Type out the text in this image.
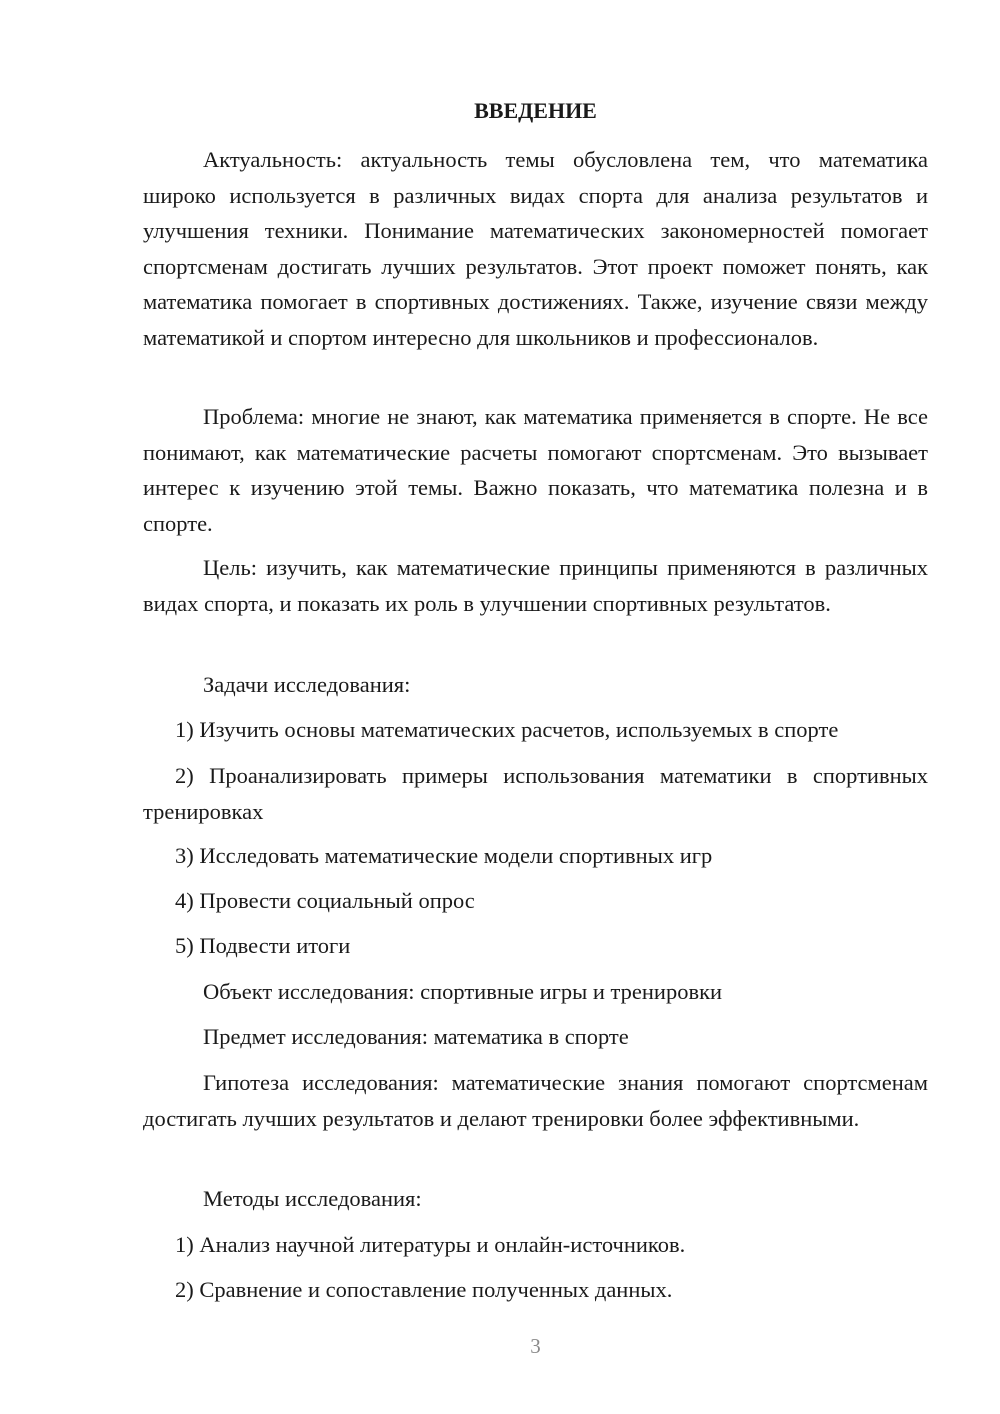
ВВЕДЕНИЕ

Актуальность: актуальность темы обусловлена тем, что математика широко используется в различных видах спорта для анализа результатов и улучшения техники. Понимание математических закономерностей помогает спортсменам достигать лучших результатов. Этот проект поможет понять, как математика помогает в спортивных достижениях. Также, изучение связи между математикой и спортом интересно для школьников и профессионалов.

Проблема: многие не знают, как математика применяется в спорте. Не все понимают, как математические расчеты помогают спортсменам. Это вызывает интерес к изучению этой темы. Важно показать, что математика полезна и в спорте.

Цель: изучить, как математические принципы применяются в различных видах спорта, и показать их роль в улучшении спортивных результатов.

Задачи исследования:

1) Изучить основы математических расчетов, используемых в спорте

2) Проанализировать примеры использования математики в спортивных тренировках

3) Исследовать математические модели спортивных игр

4) Провести социальный опрос

5) Подвести итоги

Объект исследования: спортивные игры и тренировки

Предмет исследования: математика в спорте

Гипотеза исследования: математические знания помогают спортсменам достигать лучших результатов и делают тренировки более эффективными.

Методы исследования:

1) Анализ научной литературы и онлайн-источников.

2) Сравнение и сопоставление полученных данных.

3
